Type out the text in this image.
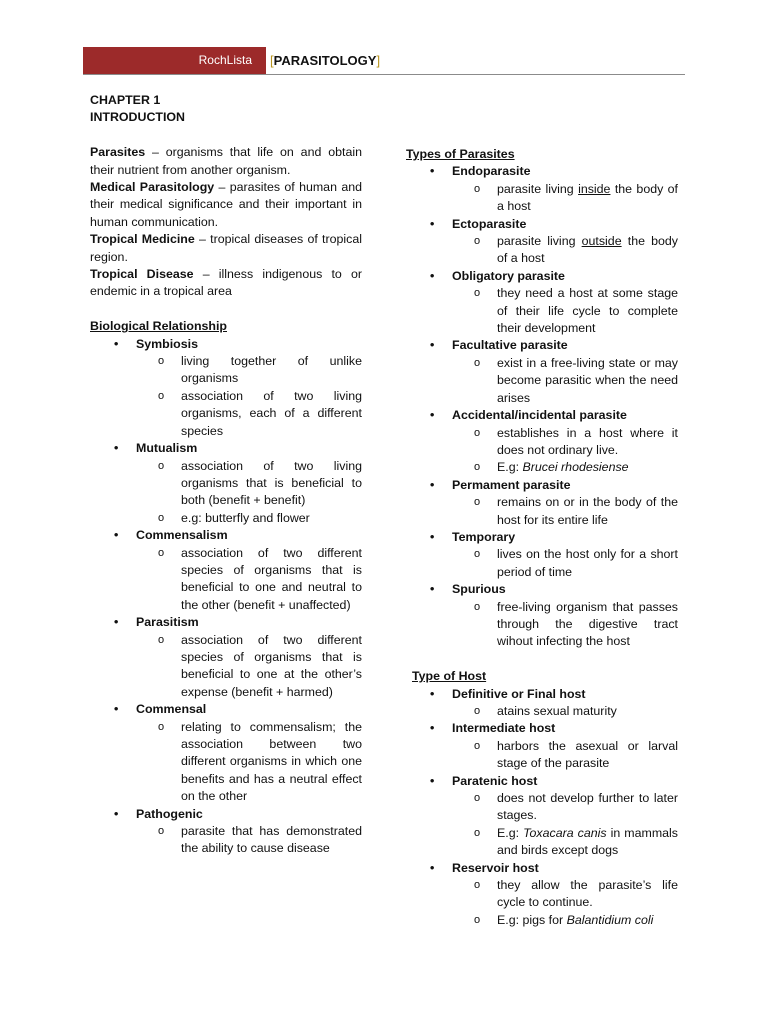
RochLista	[PARASITOLOGY]
CHAPTER 1
INTRODUCTION
Parasites – organisms that life on and obtain their nutrient from another organism.
Medical Parasitology – parasites of human and their medical significance and their important in human communication.
Tropical Medicine – tropical diseases of tropical region.
Tropical Disease – illness indigenous to or endemic in a tropical area
Biological Relationship
• Symbiosis
o living together of unlike organisms
o association of two living organisms, each of a different species
• Mutualism
o association of two living organisms that is beneficial to both (benefit + benefit)
o e.g: butterfly and flower
• Commensalism
o association of two different species of organisms that is beneficial to one and neutral to the other (benefit + unaffected)
• Parasitism
o association of two different species of organisms that is beneficial to one at the other’s expense (benefit + harmed)
• Commensal
o relating to commensalism; the association between two different organisms in which one benefits and has a neutral effect on the other
• Pathogenic
o parasite that has demonstrated the ability to cause disease
Types of Parasites
• Endoparasite
o parasite living inside the body of a host
• Ectoparasite
o parasite living outside the body of a host
• Obligatory parasite
o they need a host at some stage of their life cycle to complete their development
• Facultative parasite
o exist in a free-living state or may become parasitic when the need arises
• Accidental/incidental parasite
o establishes in a host where it does not ordinary live.
o E.g: Brucei rhodesiense
• Permament parasite
o remains on or in the body of the host for its entire life
• Temporary
o lives on the host only for a short period of time
• Spurious
o free-living organism that passes through the digestive tract wihout infecting the host
Type of Host
• Definitive or Final host
o atains sexual maturity
• Intermediate host
o harbors the asexual or larval stage of the parasite
• Paratenic host
o does not develop further to later stages.
o E.g: Toxacara canis in mammals and birds except dogs
• Reservoir host
o they allow the parasite’s life cycle to continue.
o E.g: pigs for Balantidium coli
